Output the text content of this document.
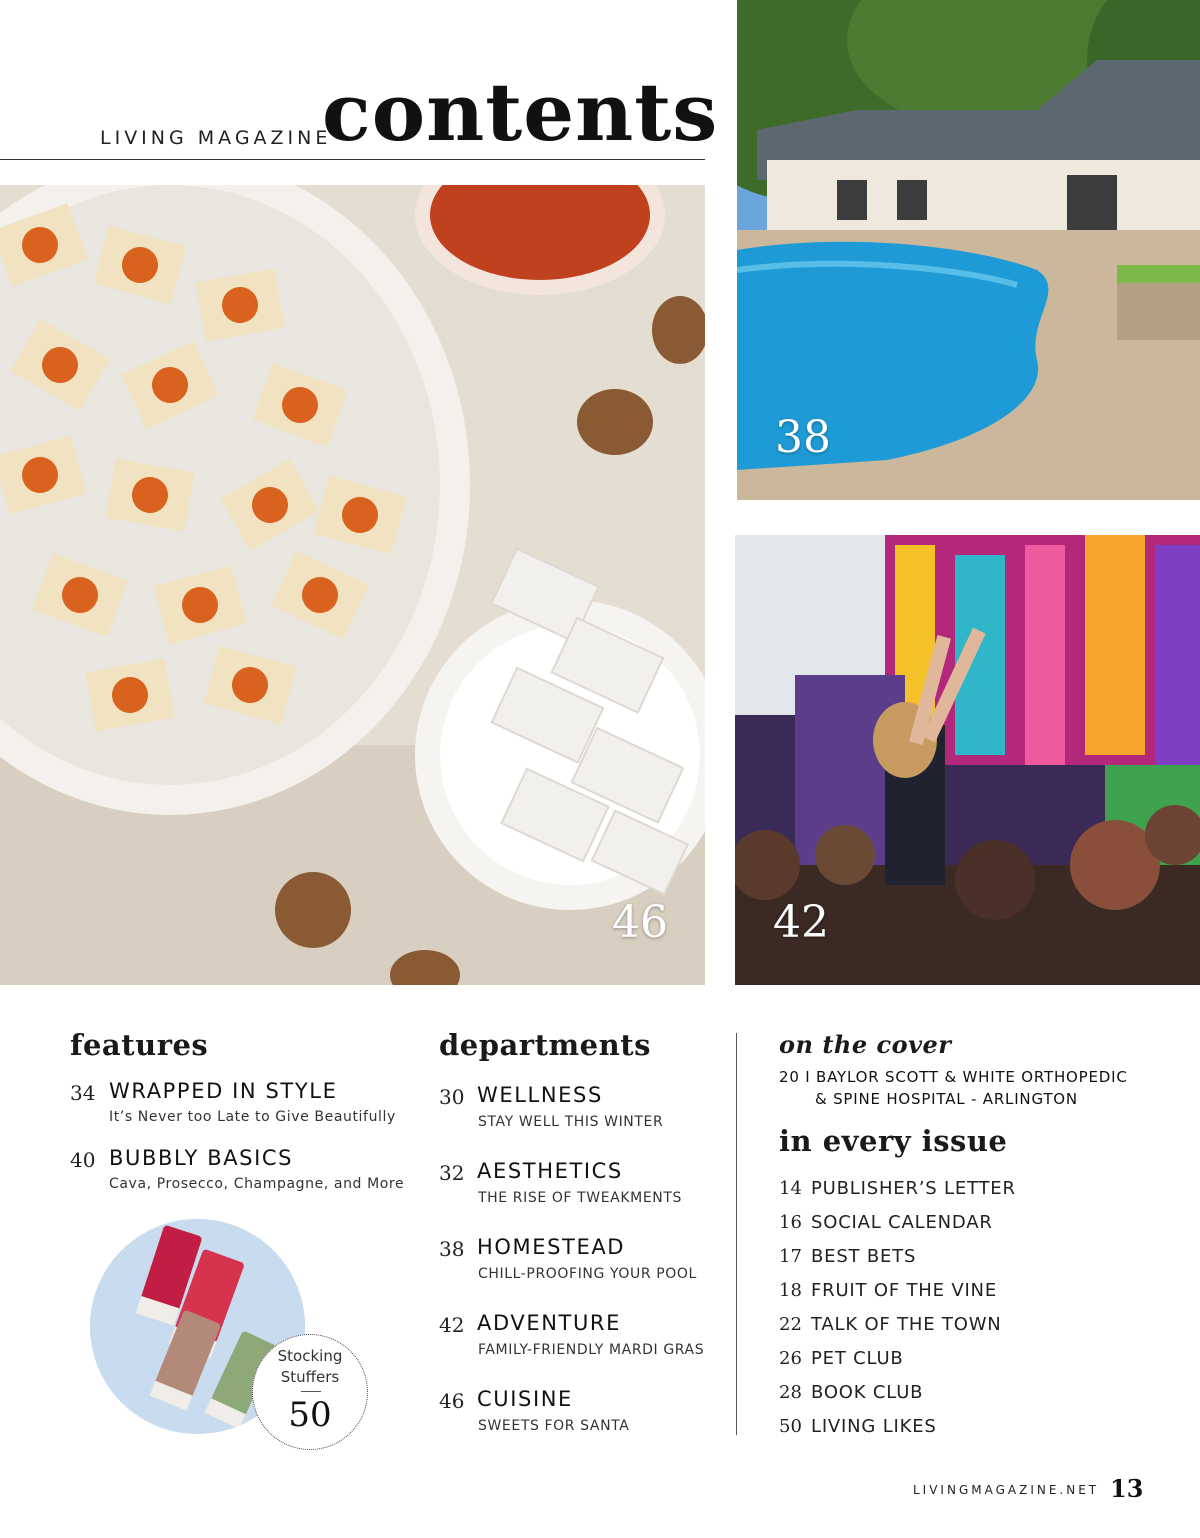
LIVING MAGAZINE
contents
46
38
42
features
34 WRAPPED IN STYLE
It’s Never too Late to Give Beautifully
40 BUBBLY BASICS
Cava, Prosecco, Champagne, and More
Stocking
Stuffers
50
departments
30 WELLNESS
STAY WELL THIS WINTER
32 AESTHETICS
THE RISE OF TWEAKMENTS
38 HOMESTEAD
CHILL-PROOFING YOUR POOL
42 ADVENTURE
FAMILY-FRIENDLY MARDI GRAS
46 CUISINE
SWEETS FOR SANTA
on the cover
20 I BAYLOR SCOTT & WHITE ORTHOPEDIC
& SPINE HOSPITAL - ARLINGTON
in every issue
14 PUBLISHER’S LETTER
16 SOCIAL CALENDAR
17 BEST BETS
18 FRUIT OF THE VINE
22 TALK OF THE TOWN
26 PET CLUB
28 BOOK CLUB
50 LIVING LIKES
LIVINGMAGAZINE.NET 13
